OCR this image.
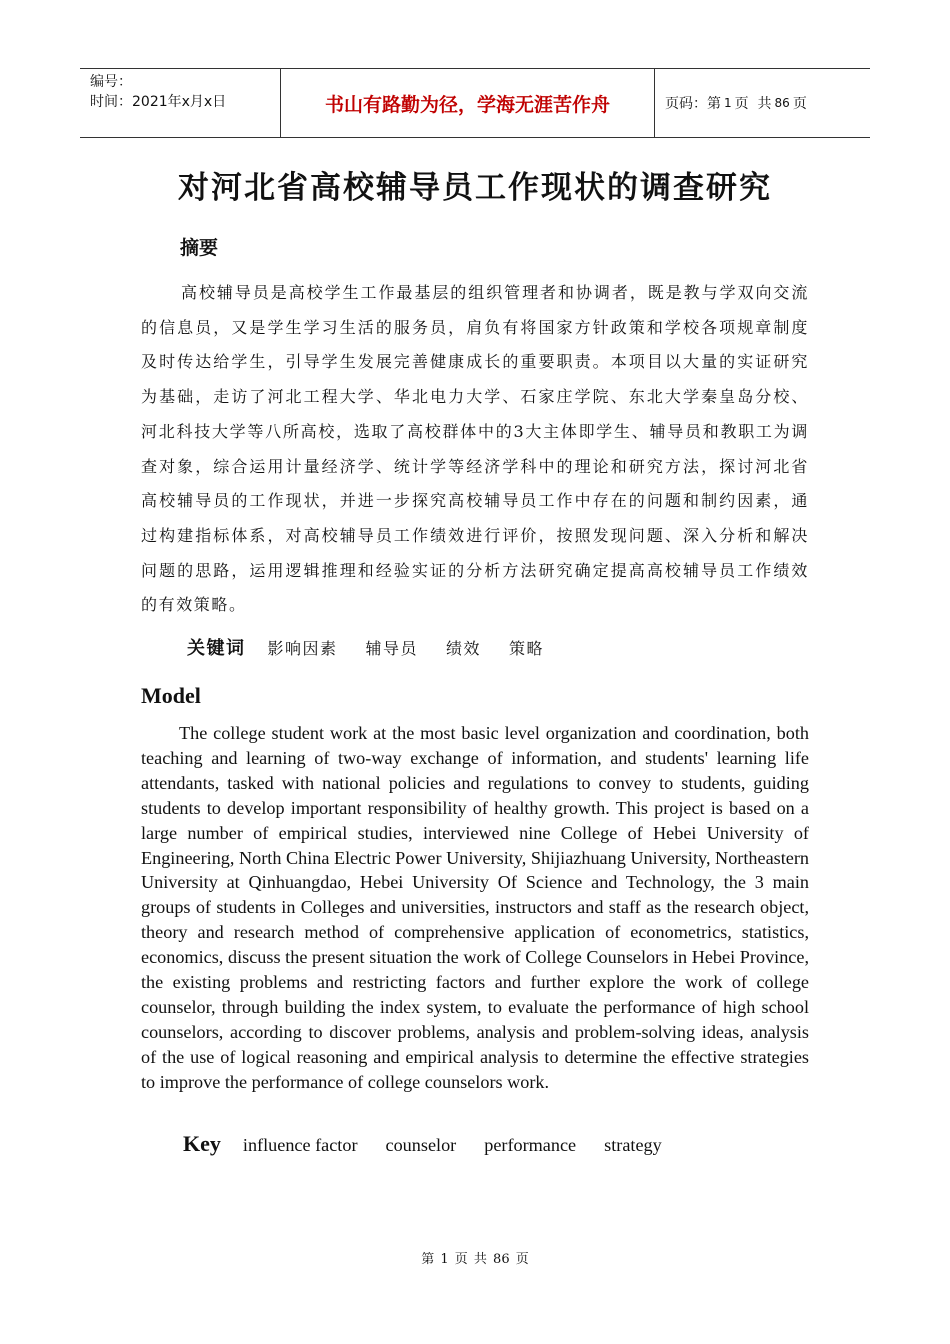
编号：
时间：2021年x月x日	书山有路勤为径，学海无涯苦作舟	页码：第 1 页  共 86 页
对河北省高校辅导员工作现状的调查研究
摘要

高校辅导员是高校学生工作最基层的组织管理者和协调者，既是教与学双向交流的信息员，又是学生学习生活的服务员，肩负有将国家方针政策和学校各项规章制度及时传达给学生，引导学生发展完善健康成长的重要职责。本项目以大量的实证研究为基础，走访了河北工程大学、华北电力大学、石家庄学院、东北大学秦皇岛分校、河北科技大学等八所高校，选取了高校群体中的3大主体即学生、辅导员和教职工为调查对象，综合运用计量经济学、统计学等经济学科中的理论和研究方法，探讨河北省高校辅导员的工作现状，并进一步探究高校辅导员工作中存在的问题和制约因素，通过构建指标体系，对高校辅导员工作绩效进行评价，按照发现问题、深入分析和解决问题的思路，运用逻辑推理和经验实证的分析方法研究确定提高高校辅导员工作绩效的有效策略。

关键词 影响因素 辅导员 绩效 策略
Model

The college student work at the most basic level organization and coordination, both teaching and learning of two-way exchange of information, and students' learning life attendants, tasked with national policies and regulations to convey to students, guiding students to develop important responsibility of healthy growth. This project is based on a large number of empirical studies, interviewed nine College of Hebei University of Engineering, North China Electric Power University, Shijiazhuang University, Northeastern University at Qinhuangdao, Hebei University Of Science and Technology, the 3 main groups of students in Colleges and universities, instructors and staff as the research object, theory and research method of comprehensive application of econometrics, statistics, economics, discuss the present situation the work of College Counselors in Hebei Province, the existing problems and restricting factors and further explore the work of college counselor, through building the index system, to evaluate the performance of high school counselors, according to discover problems, analysis and problem-solving ideas, analysis of the use of logical reasoning and empirical analysis to determine the effective strategies to improve the performance of college counselors work.

Key influence factor counselor performance strategy
第 1 页 共 86 页
